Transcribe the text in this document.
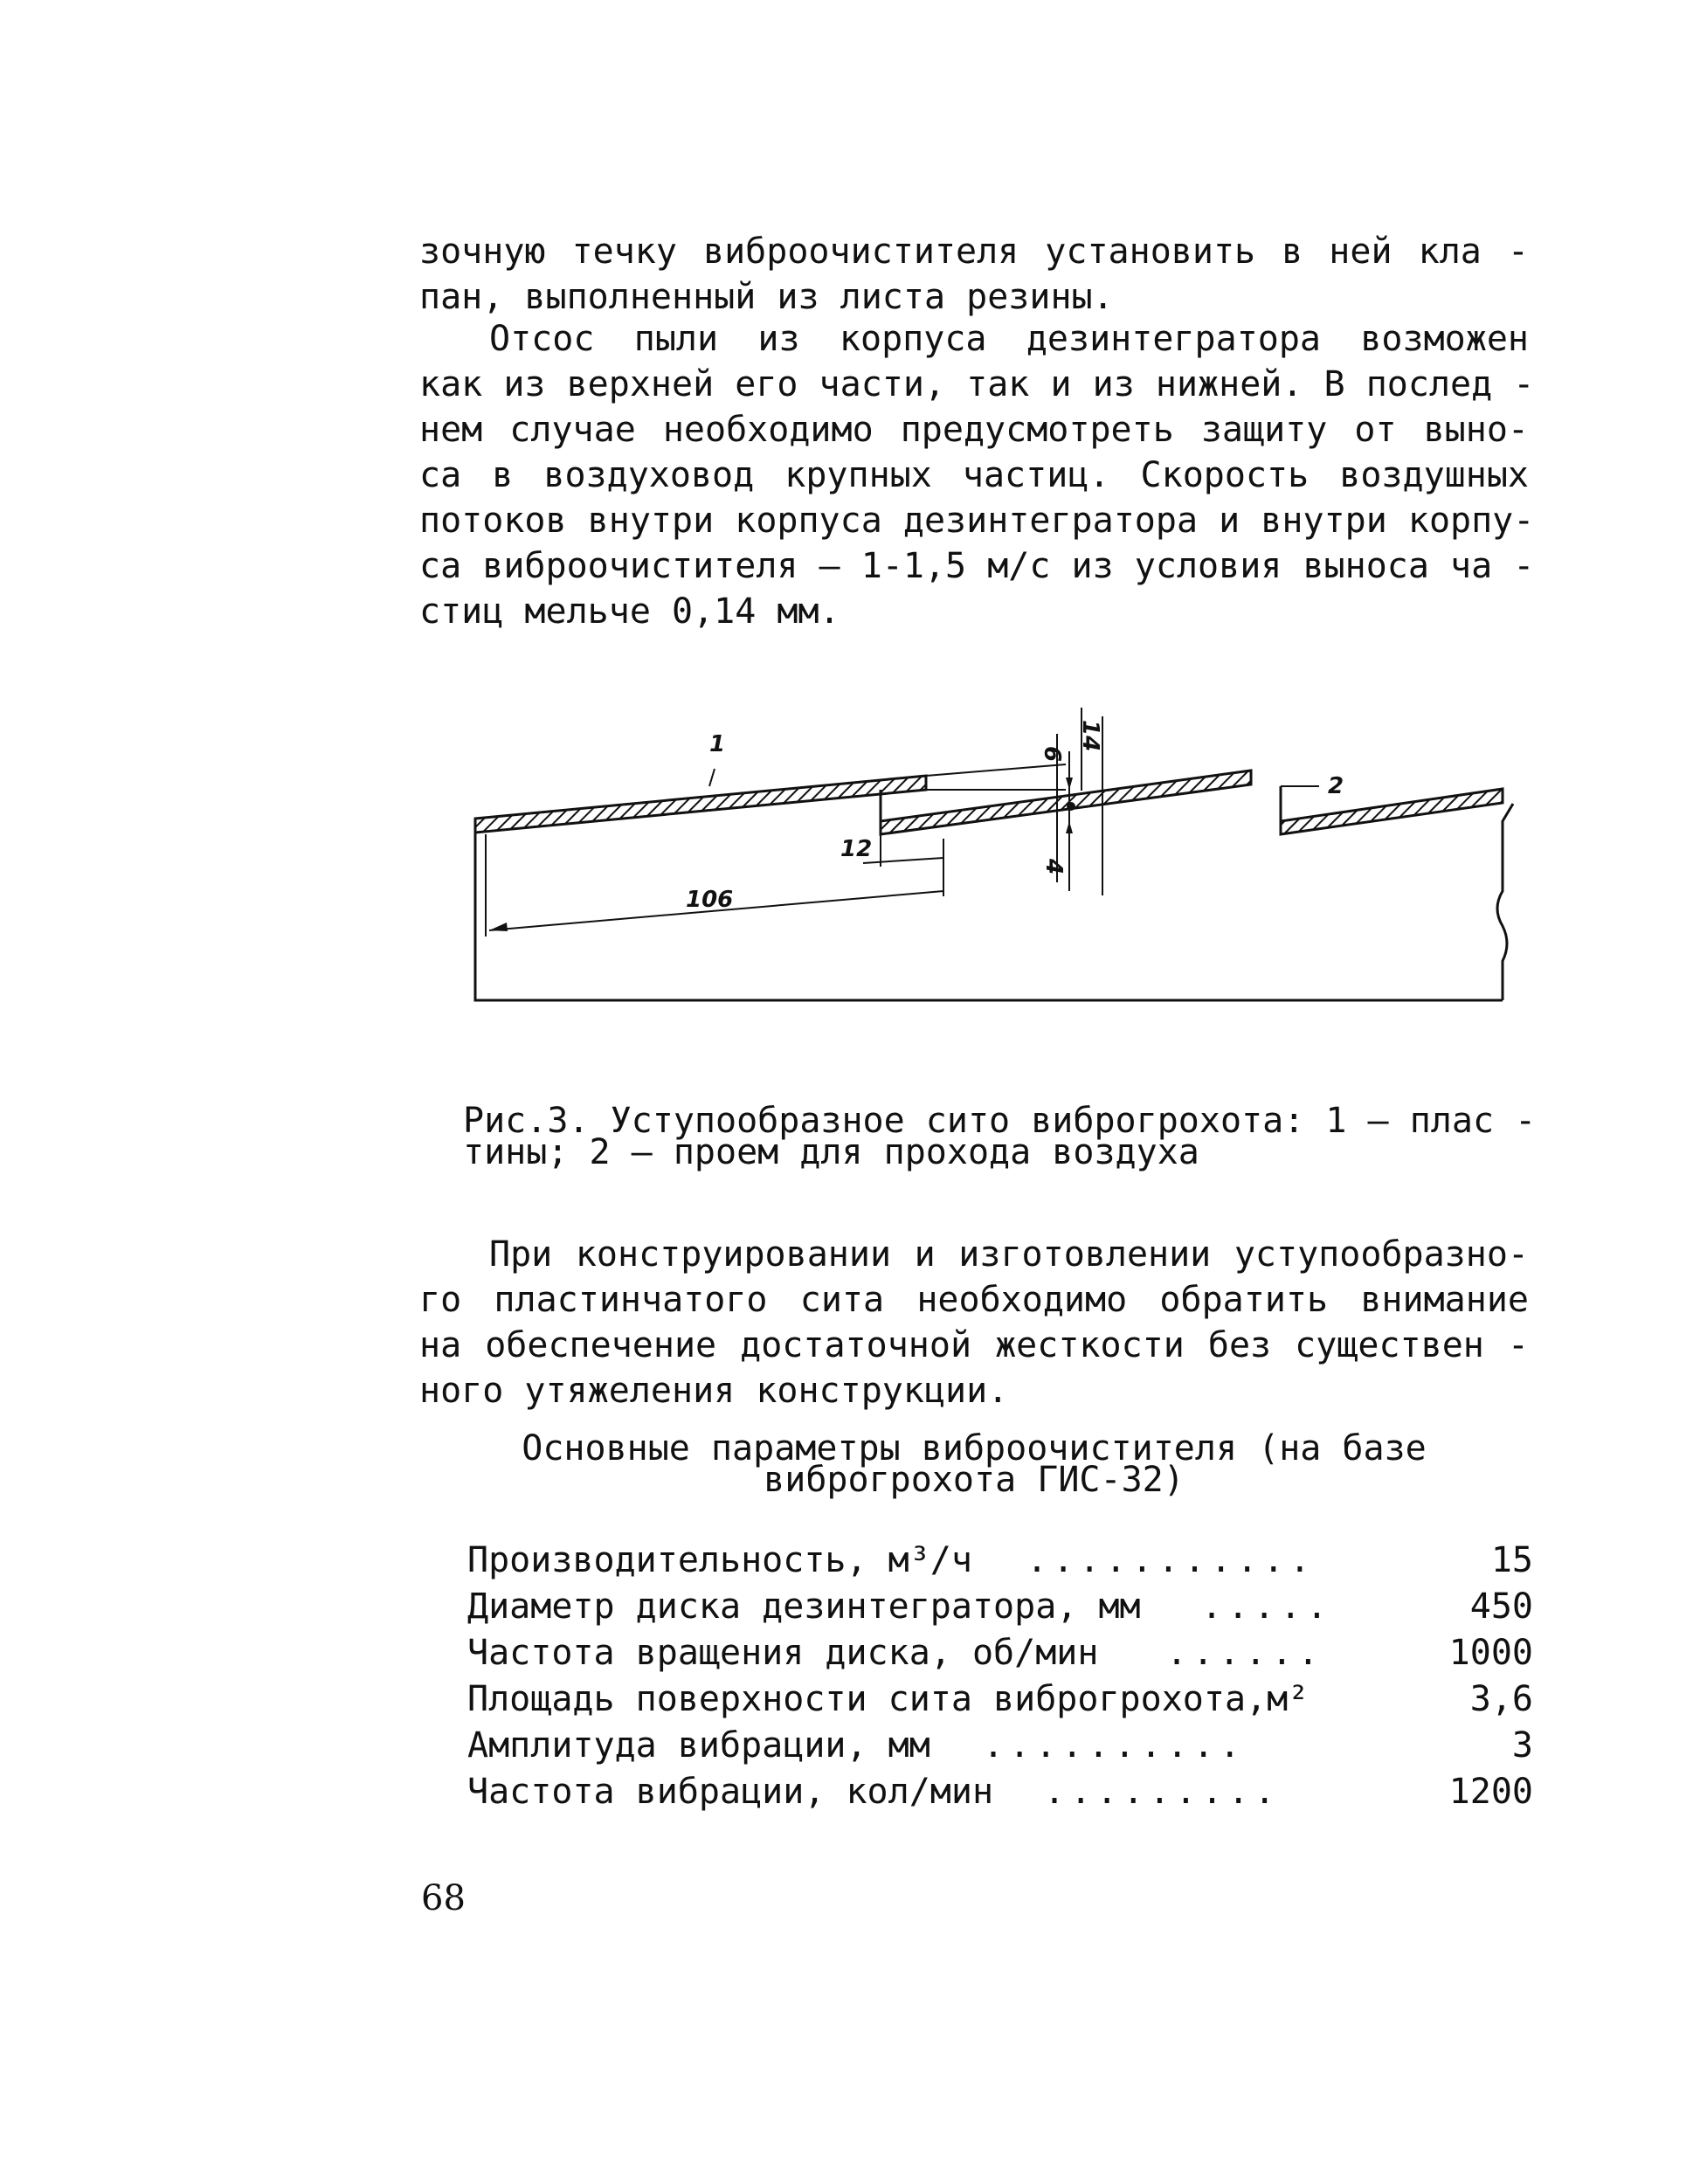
зочную течку виброочистителя установить в ней кла -
пан, выполненный из листа резины.
Отсос пыли из корпуса дезинтегратора возможен
как из верхней его части, так и из нижней. В послед -
нем случае необходимо предусмотреть защиту от выно-
са в воздуховод крупных частиц. Скорость воздушных
потоков внутри корпуса дезинтегратора и внутри корпу-
са виброочистителя – 1-1,5 м/с из условия выноса ча -
стиц мельче 0,14 мм.
106
12
6
14
4
1
2
Рис.3. Уступообразное сито виброгрохота: 1 – плас -
тины; 2 – проем для прохода воздуха
При конструировании и изготовлении уступообразно-
го пластинчатого сита необходимо обратить внимание
на обеспечение достаточной жесткости без существен -
ного утяжеления конструкции.
Основные параметры виброочистителя (на базе
виброгрохота ГИС-32)
Производительность, м³/ч ...........	15
Диаметр диска дезинтегратора, мм .....	450
Частота вращения диска, об/мин ......	1000
Площадь поверхности сита виброгрохота,м²	3,6
Амплитуда вибрации, мм ..........	3
Частота вибрации, кол/мин .........	1200
68
